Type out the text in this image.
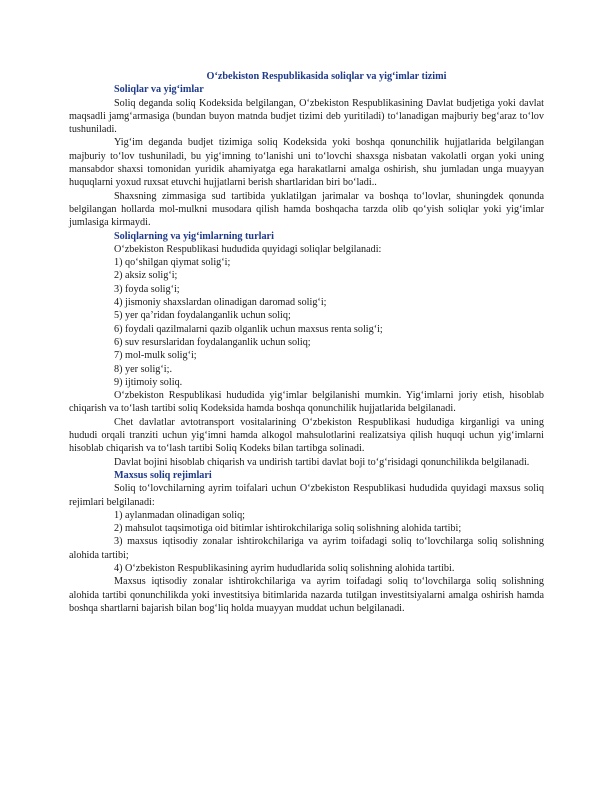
O‘zbekiston Respublikasida soliqlar va yig‘imlar tizimi

Soliqlar va yig‘imlar

Soliq deganda soliq Kodeksida belgilangan, O‘zbekiston Respublikasining Davlat budjetiga yoki davlat maqsadli jamg‘armasiga (bundan buyon matnda budjet tizimi deb yuritiladi) to‘lanadigan majburiy beg‘araz to‘lov tushuniladi.

Yig‘im deganda budjet tizimiga soliq Kodeksida yoki boshqa qonunchilik hujjatlarida belgilangan majburiy to‘lov tushuniladi, bu yig‘imning to‘lanishi uni to‘lovchi shaxsga nisbatan vakolatli organ yoki uning mansabdor shaxsi tomonidan yuridik ahamiyatga ega harakatlarni amalga oshirish, shu jumladan unga muayyan huquqlarni yoxud ruxsat etuvchi hujjatlarni berish shartlaridan biri bo‘ladi..

Shaxsning zimmasiga sud tartibida yuklatilgan jarimalar va boshqa to‘lovlar, shuningdek qonunda belgilangan hollarda mol-mulkni musodara qilish hamda boshqacha tarzda olib qo‘yish soliqlar yoki yig‘imlar jumlasiga kirmaydi.

Soliqlarning va yig‘imlarning turlari

O‘zbekiston Respublikasi hududida quyidagi soliqlar belgilanadi:

1) qo‘shilgan qiymat solig‘i;

2) aksiz solig‘i;

3) foyda solig‘i;

4) jismoniy shaxslardan olinadigan daromad solig‘i;

5) yer qa’ridan foydalanganlik uchun soliq;

6) foydali qazilmalarni qazib olganlik uchun maxsus renta solig‘i;

6) suv resurslaridan foydalanganlik uchun soliq;

7) mol-mulk solig‘i;

8) yer solig‘i;.

9) ijtimoiy soliq.

O‘zbekiston Respublikasi hududida yig‘imlar belgilanishi mumkin. Yig‘imlarni joriy etish, hisoblab chiqarish va to‘lash tartibi soliq Kodeksida hamda boshqa qonunchilik hujjatlarida belgilanadi.

Chet davlatlar avtotransport vositalarining O‘zbekiston Respublikasi hududiga kirganligi va uning hududi orqali tranziti uchun yig‘imni hamda alkogol mahsulotlarini realizatsiya qilish huquqi uchun yig‘imlarni hisoblab chiqarish va to‘lash tartibi Soliq Kodeks bilan tartibga solinadi.

Davlat bojini hisoblab chiqarish va undirish tartibi davlat boji to‘g‘risidagi qonunchilikda belgilanadi.

Maxsus soliq rejimlari

Soliq to‘lovchilarning ayrim toifalari uchun O‘zbekiston Respublikasi hududida quyidagi maxsus soliq rejimlari belgilanadi:

1) aylanmadan olinadigan soliq;

2) mahsulot taqsimotiga oid bitimlar ishtirokchilariga soliq solishning alohida tartibi;

3) maxsus iqtisodiy zonalar ishtirokchilariga va ayrim toifadagi soliq to‘lovchilarga soliq solishning alohida tartibi;

4) O‘zbekiston Respublikasining ayrim hududlarida soliq solishning alohida tartibi.

Maxsus iqtisodiy zonalar ishtirokchilariga va ayrim toifadagi soliq to‘lovchilarga soliq solishning alohida tartibi qonunchilikda yoki investitsiya bitimlarida nazarda tutilgan investitsiyalarni amalga oshirish hamda boshqa shartlarni bajarish bilan bog‘liq holda muayyan muddat uchun belgilanadi.
